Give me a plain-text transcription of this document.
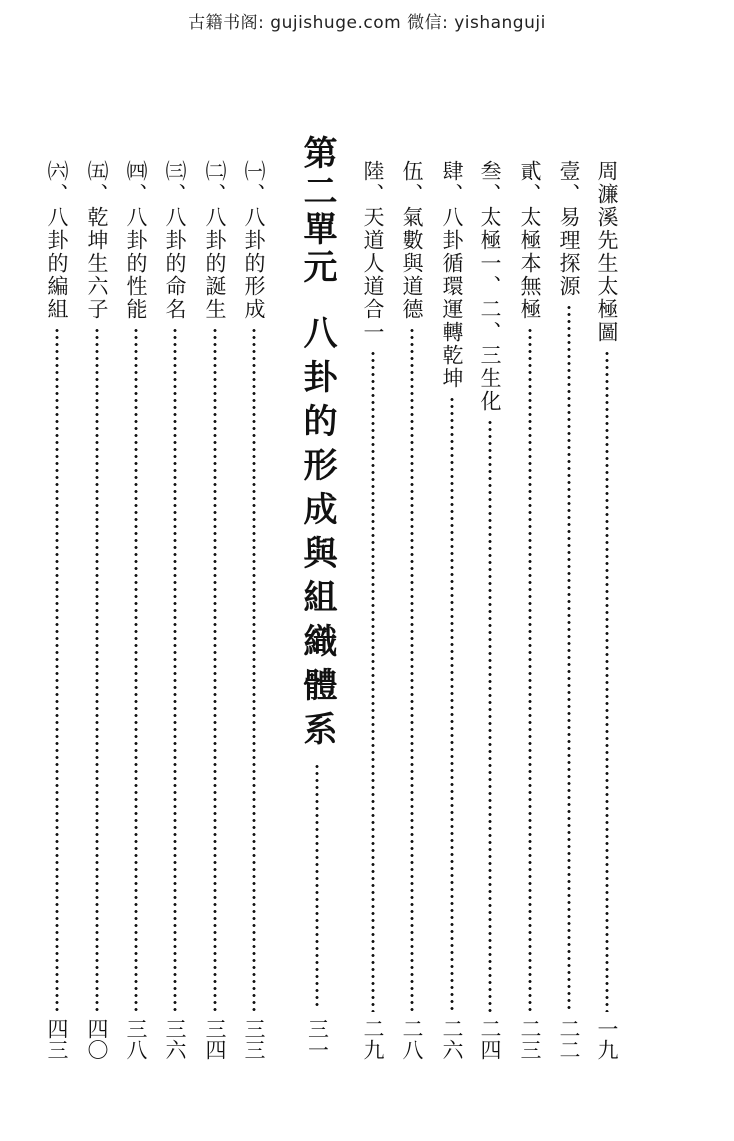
古籍书阁: gujishuge.com 微信: yishanguji
周濂溪先生太極圖
一九
壹、易理探源
二二
貳、太極本無極
二三
叁、太極一、二、三生化
二四
肆、八卦循環運轉乾坤
二六
伍、氣數與道德
二八
陸、天道人道合一
二九
第二單元
八卦的形成與組織體系
三一
㈠、八卦的形成
三三
㈡、八卦的誕生
三四
㈢、八卦的命名
三六
㈣、八卦的性能
三八
㈤、乾坤生六子
四〇
㈥、八卦的編組
四三
